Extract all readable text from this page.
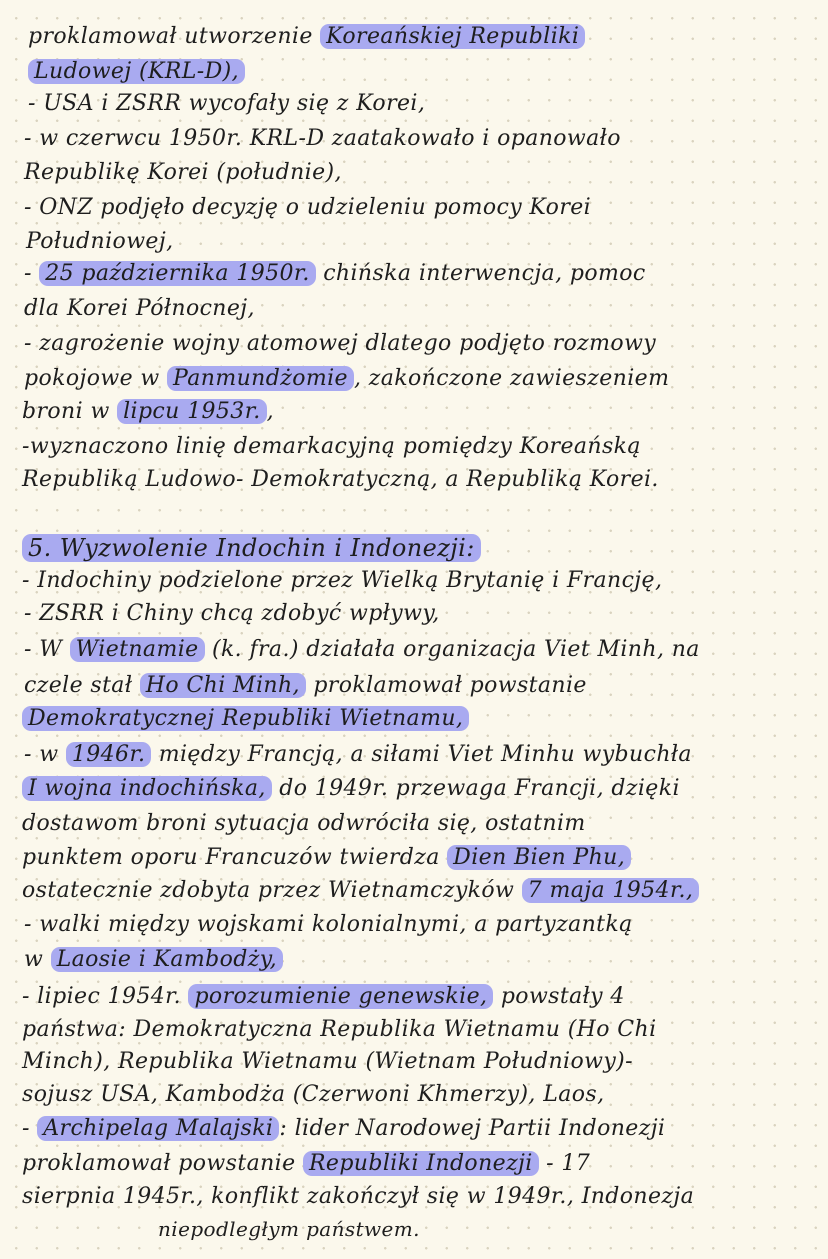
proklamował utworzenie Koreańskiej Republiki
Ludowej (KRL-D),
- USA i ZSRR wycofały się z Korei,
- w czerwcu 1950r. KRL-D zaatakowało i opanowało
Republikę Korei (południe),
- ONZ podjęło decyzję o udzieleniu pomocy Korei
Południowej,
- 25 października 1950r. chińska interwencja, pomoc
dla Korei Północnej,
- zagrożenie wojny atomowej dlatego podjęto rozmowy
pokojowe w Panmundżomie , zakończone zawieszeniem
broni w lipcu 1953r. ,
-wyznaczono linię demarkacyjną pomiędzy Koreańską
Republiką Ludowo- Demokratyczną, a Republiką Korei.
5. Wyzwolenie Indochin i Indonezji:
- Indochiny podzielone przez Wielką Brytanię i Francję,
- ZSRR i Chiny chcą zdobyć wpływy,
- W Wietnamie (k. fra.) działała organizacja Viet Minh, na
czele stał Ho Chi Minh, proklamował powstanie
Demokratycznej Republiki Wietnamu,
- w 1946r. między Francją, a siłami Viet Minhu wybuchła
I wojna indochińska, do 1949r. przewaga Francji, dzięki
dostawom broni sytuacja odwróciła się, ostatnim
punktem oporu Francuzów twierdza Dien Bien Phu,
ostatecznie zdobyta przez Wietnamczyków 7 maja 1954r.,
- walki między wojskami kolonialnymi, a partyzantką
w Laosie i Kambodży,
- lipiec 1954r. porozumienie genewskie, powstały 4
państwa: Demokratyczna Republika Wietnamu (Ho Chi
Minch), Republika Wietnamu (Wietnam Południowy)-
sojusz USA, Kambodża (Czerwoni Khmerzy), Laos,
- Archipelag Malajski : lider Narodowej Partii Indonezji
proklamował powstanie Republiki Indonezji - 17
sierpnia 1945r., konflikt zakończył się w 1949r., Indonezja
niepodległym państwem.
